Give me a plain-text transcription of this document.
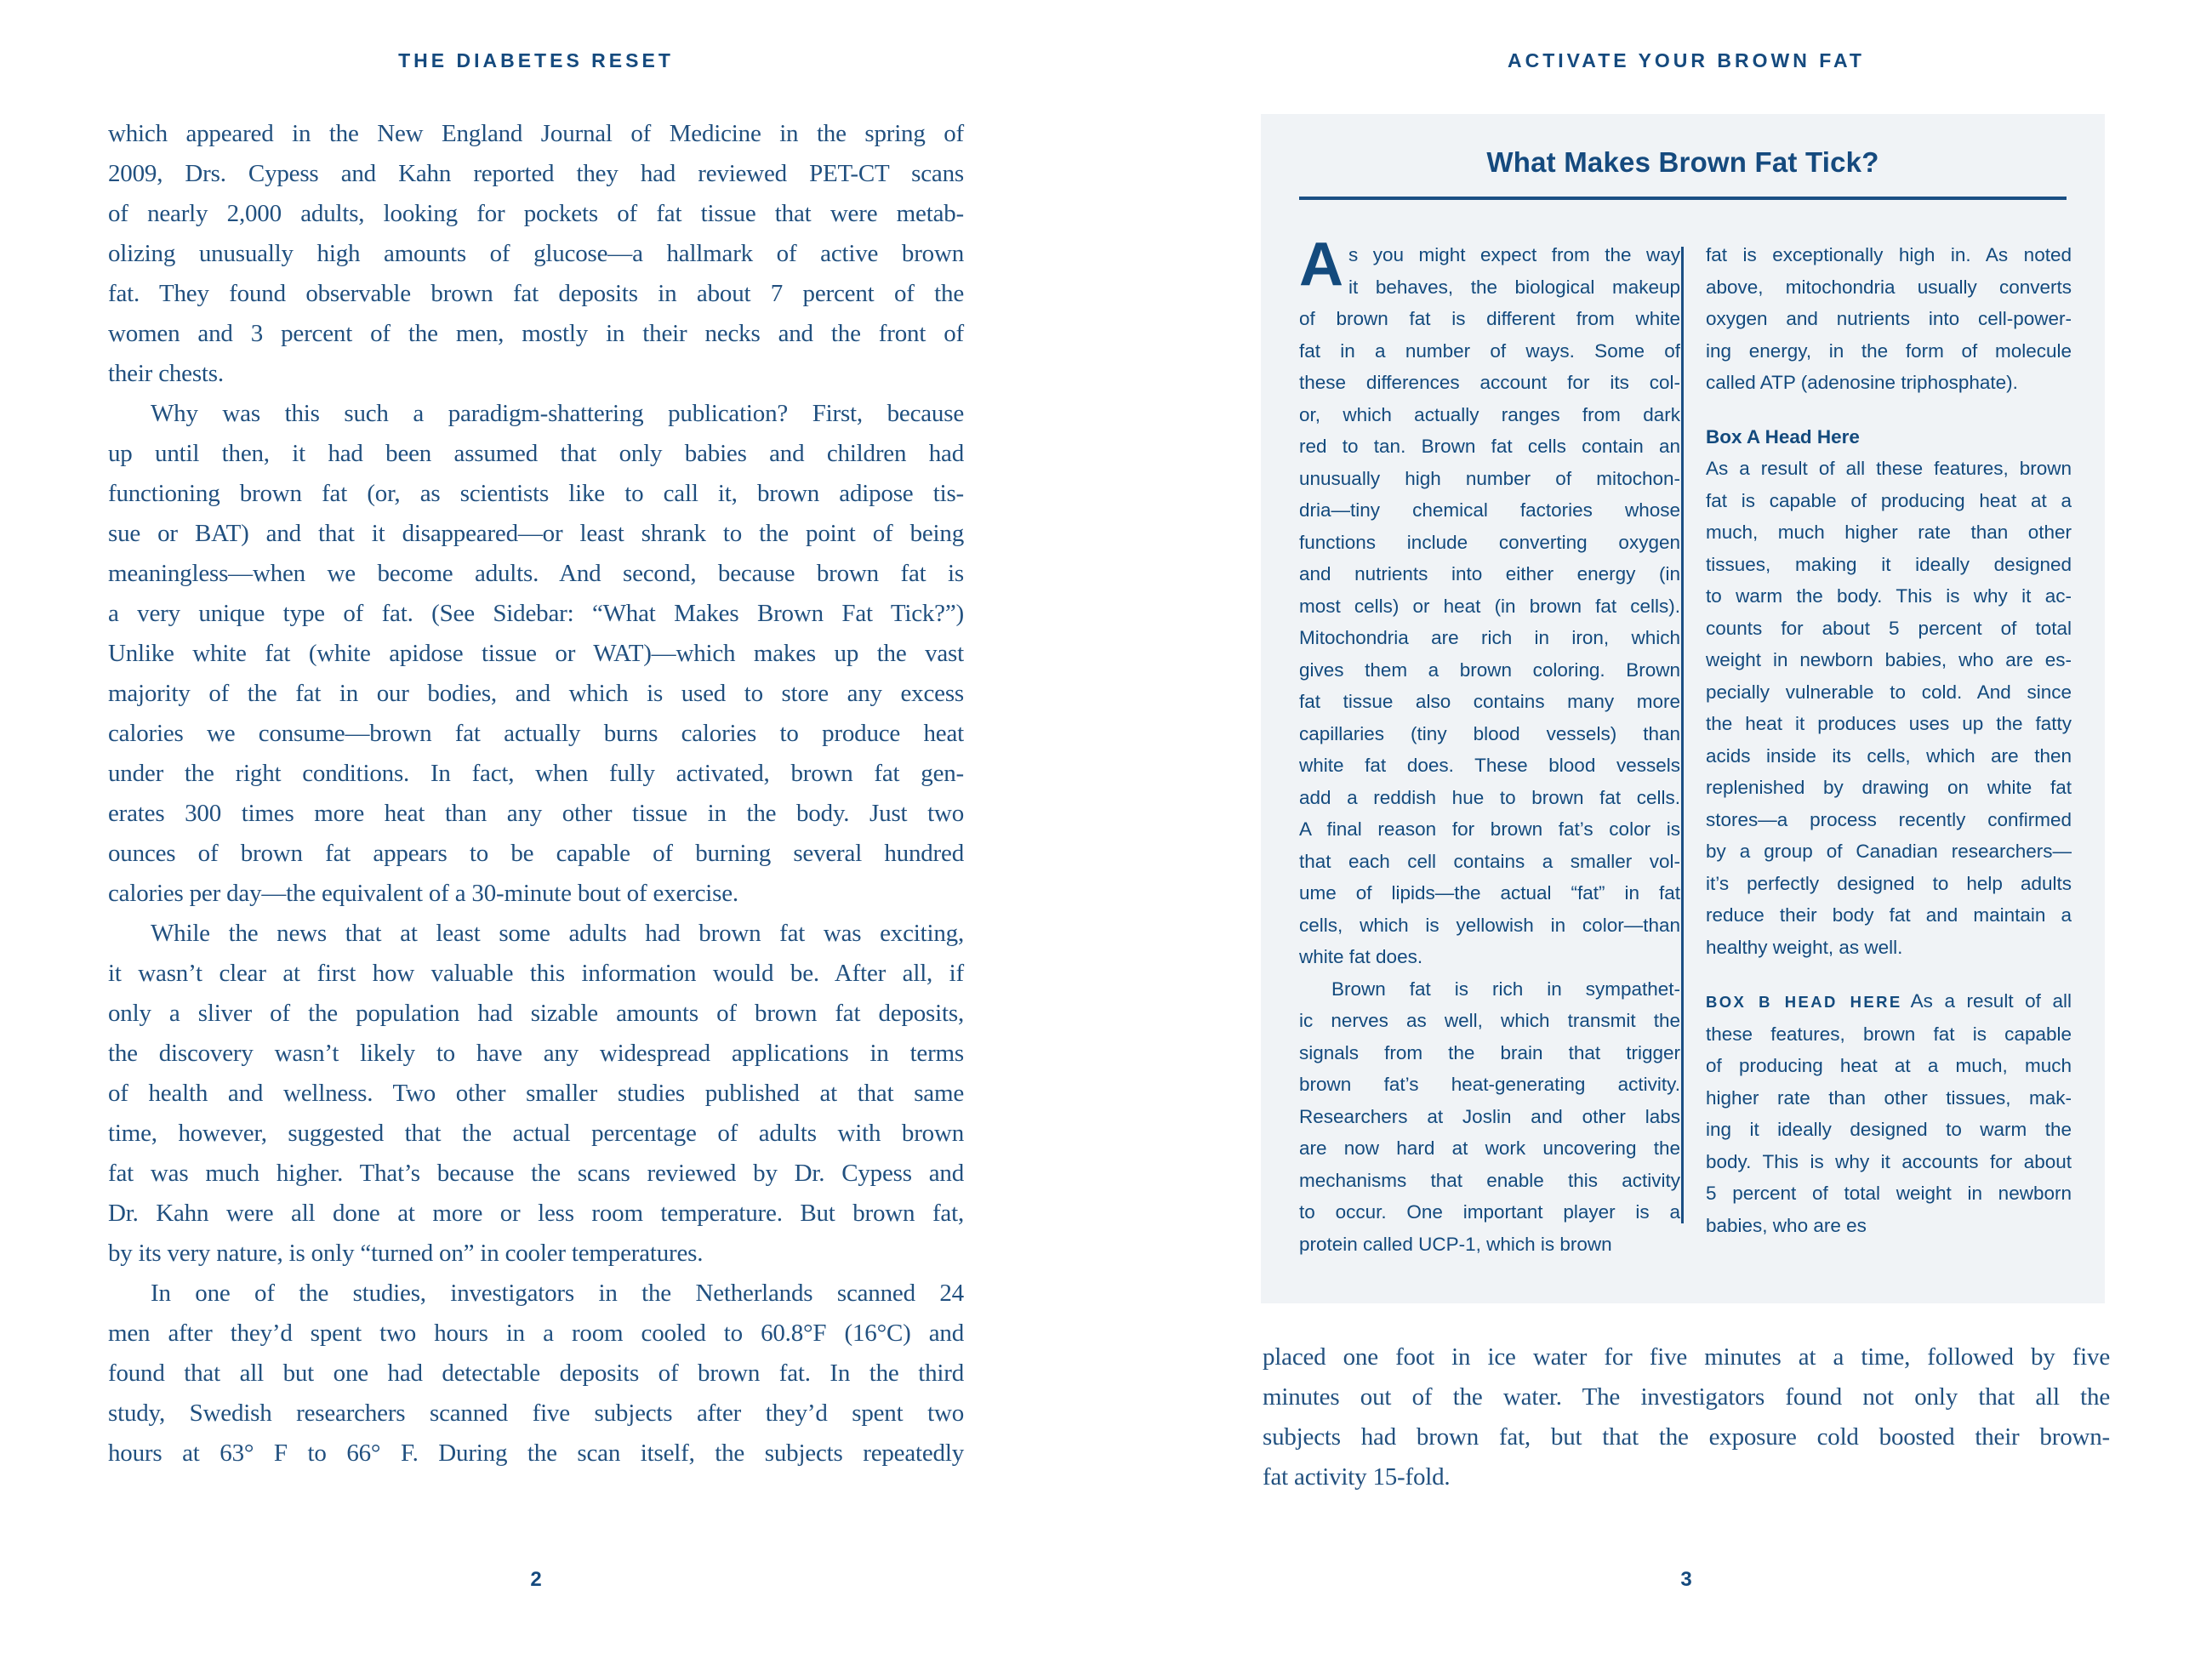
THE DIABETES RESET
which appeared in the New England Journal of Medicine in the spring of
2009, Drs. Cypess and Kahn reported they had reviewed PET-CT scans
of nearly 2,000 adults, looking for pockets of fat tissue that were metab-
olizing unusually high amounts of glucose—a hallmark of active brown
fat. They found observable brown fat deposits in about 7 percent of the
women and 3 percent of the men, mostly in their necks and the front of
their chests.
Why was this such a paradigm-shattering publication? First, because
up until then, it had been assumed that only babies and children had
functioning brown fat (or, as scientists like to call it, brown adipose tis-
sue or BAT) and that it disappeared—or least shrank to the point of being
meaningless—when we become adults. And second, because brown fat is
a very unique type of fat. (See Sidebar: “What Makes Brown Fat Tick?”)
Unlike white fat (white apidose tissue or WAT)—which makes up the vast
majority of the fat in our bodies, and which is used to store any excess
calories we consume—brown fat actually burns calories to produce heat
under the right conditions. In fact, when fully activated, brown fat gen-
erates 300 times more heat than any other tissue in the body. Just two
ounces of brown fat appears to be capable of burning several hundred
calories per day—the equivalent of a 30-minute bout of exercise.
While the news that at least some adults had brown fat was exciting,
it wasn’t clear at first how valuable this information would be. After all, if
only a sliver of the population had sizable amounts of brown fat deposits,
the discovery wasn’t likely to have any widespread applications in terms
of health and wellness. Two other smaller studies published at that same
time, however, suggested that the actual percentage of adults with brown
fat was much higher. That’s because the scans reviewed by Dr. Cypess and
Dr. Kahn were all done at more or less room temperature. But brown fat,
by its very nature, is only “turned on” in cooler temperatures.
In one of the studies, investigators in the Netherlands scanned 24
men after they’d spent two hours in a room cooled to 60.8°F (16°C) and
found that all but one had detectable deposits of brown fat. In the third
study, Swedish researchers scanned five subjects after they’d spent two
hours at 63° F to 66° F. During the scan itself, the subjects repeatedly
2
ACTIVATE YOUR BROWN FAT
What Makes Brown Fat Tick?
s you might expect from the way
it behaves, the biological makeup
of brown fat is different from white
fat in a number of ways. Some of
these differences account for its col-
or, which actually ranges from dark
red to tan. Brown fat cells contain an
unusually high number of mitochon-
dria—tiny chemical factories whose
functions include converting oxygen
and nutrients into either energy (in
most cells) or heat (in brown fat cells).
Mitochondria are rich in iron, which
gives them a brown coloring. Brown
fat tissue also contains many more
capillaries (tiny blood vessels) than
white fat does. These blood vessels
add a reddish hue to brown fat cells.
A final reason for brown fat’s color is
that each cell contains a smaller vol-
ume of lipids—the actual “fat” in fat
cells, which is yellowish in color—than
white fat does.
Brown fat is rich in sympathet-
ic nerves as well, which transmit the
signals from the brain that trigger
brown fat’s heat-generating activity.
Researchers at Joslin and other labs
are now hard at work uncovering the
mechanisms that enable this activity
to occur. One important player is a
protein called UCP-1, which is brown
fat is exceptionally high in. As noted
above, mitochondria usually converts
oxygen and nutrients into cell-power-
ing energy, in the form of molecule
called ATP (adenosine triphosphate).
Box A Head Here
As a result of all these features, brown
fat is capable of producing heat at a
much, much higher rate than other
tissues, making it ideally designed
to warm the body. This is why it ac-
counts for about 5 percent of total
weight in newborn babies, who are es-
pecially vulnerable to cold. And since
the heat it produces uses up the fatty
acids inside its cells, which are then
replenished by drawing on white fat
stores—a process recently confirmed
by a group of Canadian researchers—
it’s perfectly designed to help adults
reduce their body fat and maintain a
healthy weight, as well.
BOX B HEAD HERE As a result of all
these features, brown fat is capable
of producing heat at a much, much
higher rate than other tissues, mak-
ing it ideally designed to warm the
body. This is why it accounts for about
5 percent of total weight in newborn
babies, who are es
A
placed one foot in ice water for five minutes at a time, followed by five
minutes out of the water. The investigators found not only that all the
subjects had brown fat, but that the exposure cold boosted their brown-
fat activity 15-fold.
3
